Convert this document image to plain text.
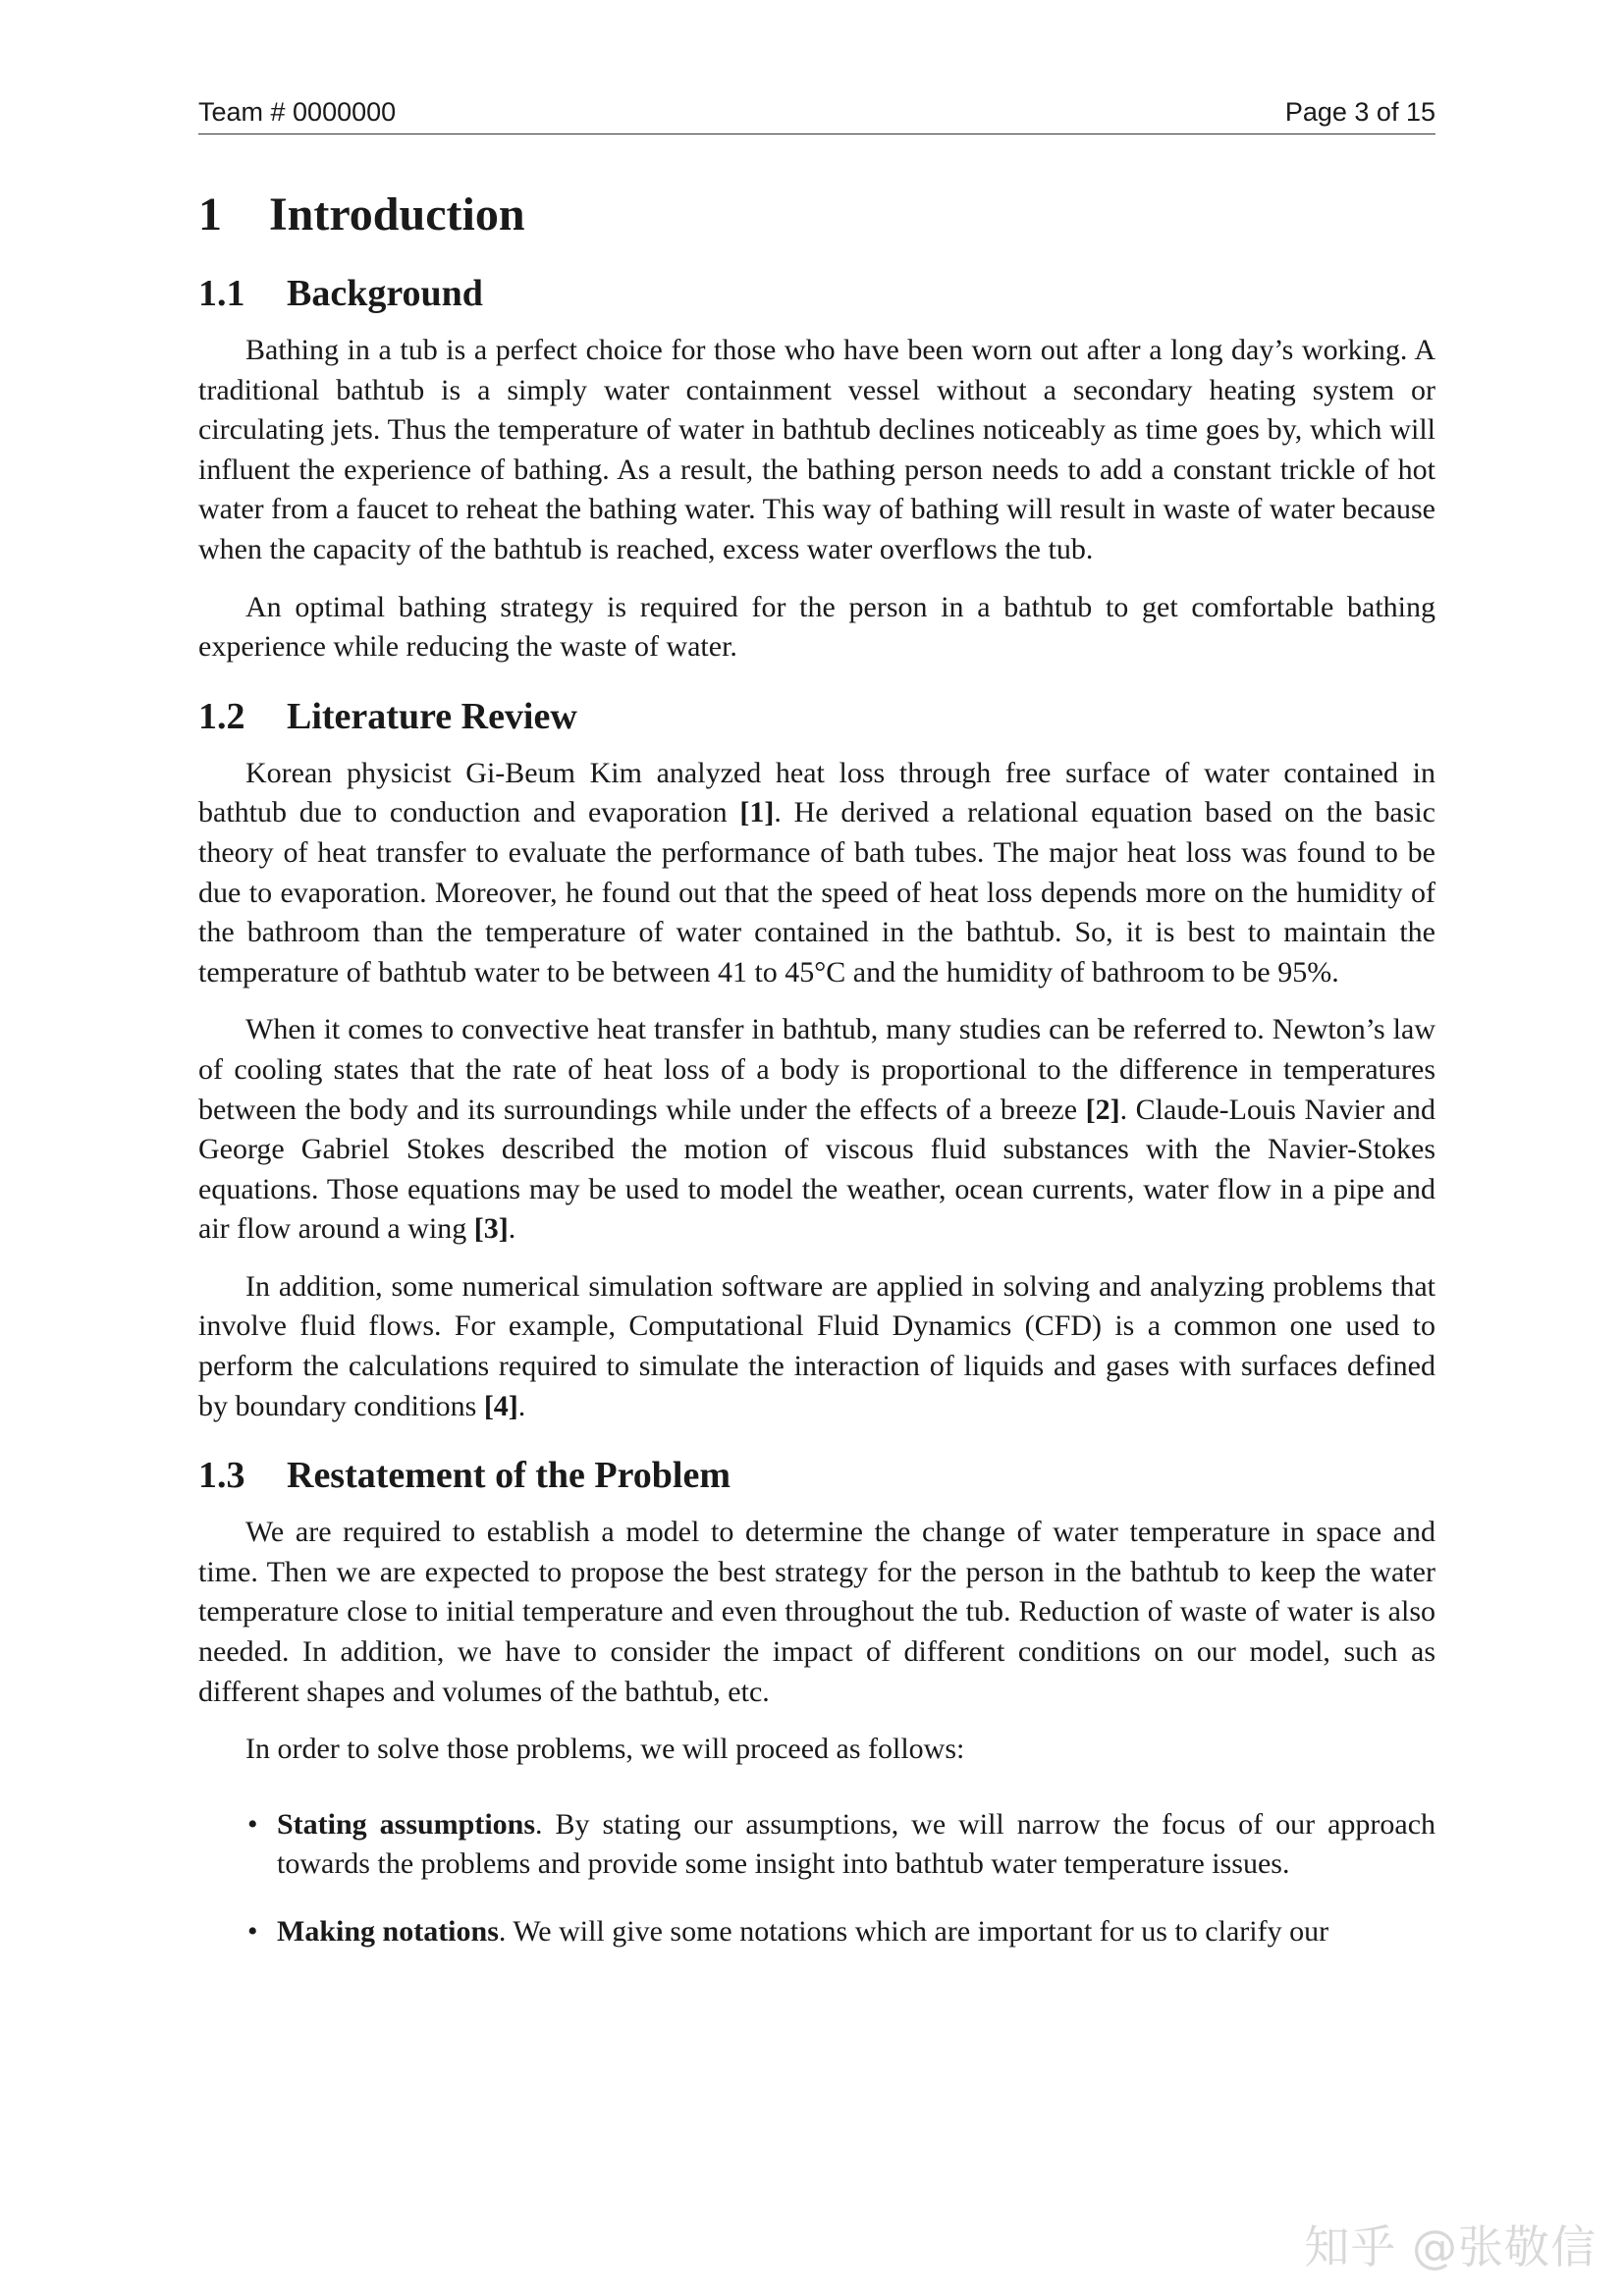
Team # 0000000	Page 3 of 15
1 Introduction
1.1 Background

Bathing in a tub is a perfect choice for those who have been worn out after a long day’s working. A traditional bathtub is a simply water containment vessel without a secondary heating system or circulating jets. Thus the temperature of water in bathtub declines noticeably as time goes by, which will influent the experience of bathing. As a result, the bathing person needs to add a constant trickle of hot water from a faucet to reheat the bathing water. This way of bathing will result in waste of water because when the capacity of the bathtub is reached, excess water overflows the tub.

An optimal bathing strategy is required for the person in a bathtub to get comfortable bathing experience while reducing the waste of water.

1.2 Literature Review

Korean physicist Gi-Beum Kim analyzed heat loss through free surface of water contained in bathtub due to conduction and evaporation [1]. He derived a relational equation based on the basic theory of heat transfer to evaluate the performance of bath tubes. The major heat loss was found to be due to evaporation. Moreover, he found out that the speed of heat loss depends more on the humidity of the bathroom than the temperature of water contained in the bathtub. So, it is best to maintain the temperature of bathtub water to be between 41 to 45°C and the humidity of bathroom to be 95%.

When it comes to convective heat transfer in bathtub, many studies can be referred to. Newton’s law of cooling states that the rate of heat loss of a body is proportional to the difference in temperatures between the body and its surroundings while under the effects of a breeze [2]. Claude-Louis Navier and George Gabriel Stokes described the motion of viscous fluid substances with the Navier-Stokes equations. Those equations may be used to model the weather, ocean currents, water flow in a pipe and air flow around a wing [3].

In addition, some numerical simulation software are applied in solving and analyzing problems that involve fluid flows. For example, Computational Fluid Dynamics (CFD) is a common one used to perform the calculations required to simulate the interaction of liquids and gases with surfaces defined by boundary conditions [4].

1.3 Restatement of the Problem

We are required to establish a model to determine the change of water temperature in space and time. Then we are expected to propose the best strategy for the person in the bathtub to keep the water temperature close to initial temperature and even throughout the tub. Reduction of waste of water is also needed. In addition, we have to consider the impact of different conditions on our model, such as different shapes and volumes of the bathtub, etc.

In order to solve those problems, we will proceed as follows:

• Stating assumptions. By stating our assumptions, we will narrow the focus of our approach towards the problems and provide some insight into bathtub water temperature issues.
• Making notations. We will give some notations which are important for us to clarify our
知乎 @张敬信
